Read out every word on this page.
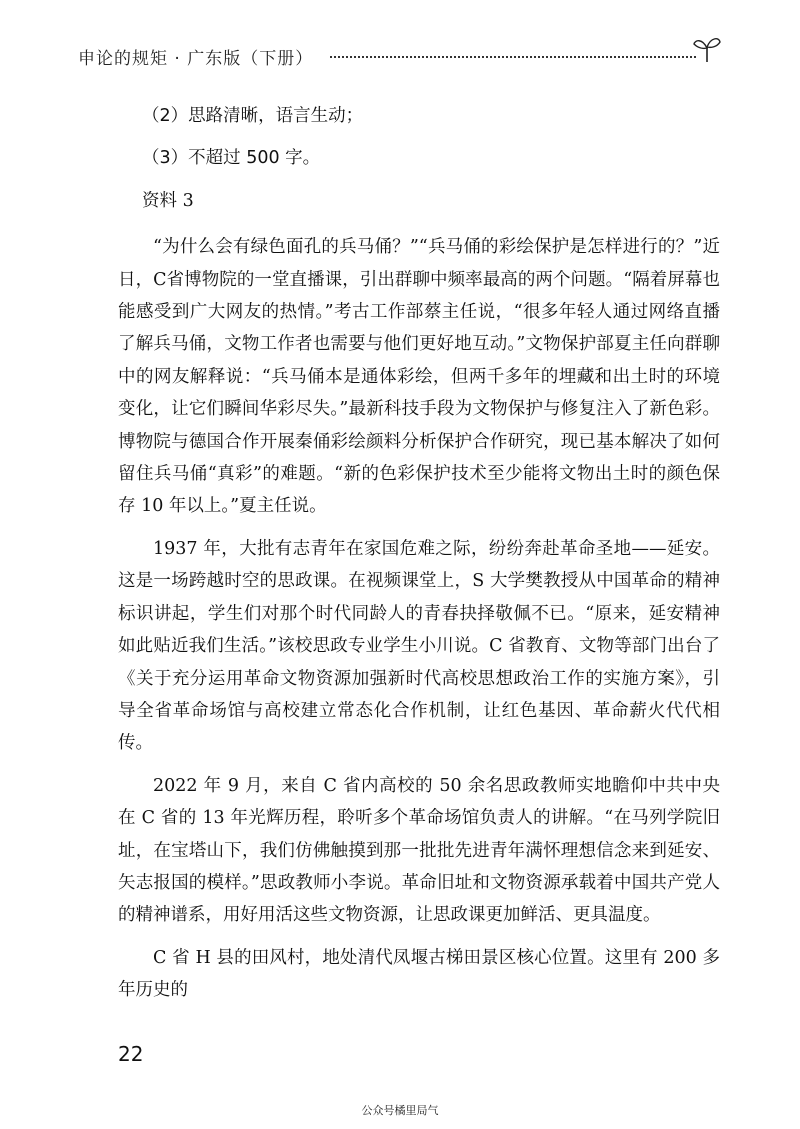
申论的规矩 · 广东版（下册）

（2）思路清晰，语言生动；

（3）不超过 500 字。

资料 3

“为什么会有绿色面孔的兵马俑？”“兵马俑的彩绘保护是怎样进行的？”近日，C省博物院的一堂直播课，引出群聊中频率最高的两个问题。“隔着屏幕也能感受到广大网友的热情。”考古工作部蔡主任说，“很多年轻人通过网络直播了解兵马俑，文物工作者也需要与他们更好地互动。”文物保护部夏主任向群聊中的网友解释说：“兵马俑本是通体彩绘，但两千多年的埋藏和出土时的环境变化，让它们瞬间华彩尽失。”最新科技手段为文物保护与修复注入了新色彩。博物院与德国合作开展秦俑彩绘颜料分析保护合作研究，现已基本解决了如何留住兵马俑“真彩”的难题。“新的色彩保护技术至少能将文物出土时的颜色保存 10 年以上。”夏主任说。

1937 年，大批有志青年在家国危难之际，纷纷奔赴革命圣地——延安。这是一场跨越时空的思政课。在视频课堂上，S 大学樊教授从中国革命的精神标识讲起，学生们对那个时代同龄人的青春抉择敬佩不已。“原来，延安精神如此贴近我们生活。”该校思政专业学生小川说。C 省教育、文物等部门出台了《关于充分运用革命文物资源加强新时代高校思想政治工作的实施方案》，引导全省革命场馆与高校建立常态化合作机制，让红色基因、革命薪火代代相传。

2022 年 9 月，来自 C 省内高校的 50 余名思政教师实地瞻仰中共中央在 C 省的 13 年光辉历程，聆听多个革命场馆负责人的讲解。“在马列学院旧址，在宝塔山下，我们仿佛触摸到那一批批先进青年满怀理想信念来到延安、矢志报国的模样。”思政教师小李说。革命旧址和文物资源承载着中国共产党人的精神谱系，用好用活这些文物资源，让思政课更加鲜活、更具温度。

C 省 H 县的田风村，地处清代凤堰古梯田景区核心位置。这里有 200 多年历史的

22
公众号橘里局气
